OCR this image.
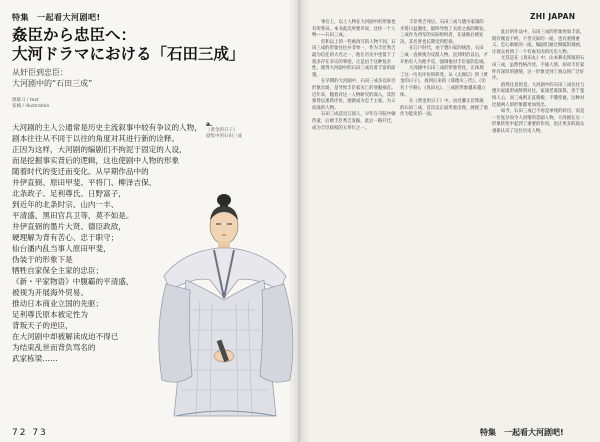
特集 一起看大河剧吧!
姦臣から忠臣へ：
大河ドラマにおける「石田三成」
从奸臣到忠臣：
大河剧中的“石田三成”
源雄马 / text
张楠 / illustration
大河剧的主人公通常是历史主流叙事中较有争议的人物，
剧本往往从不同于以往的角度对其进行新的诠释。
正因为这样，大河剧的编剧们不拘泥于固定的人设，
而是挖掘事实背后的逻辑，这也使剧中人物的形象
随着时代的变迁而变化。从早期作品中的
井伊直弼、原田甲斐、平将门、柳泽吉保、
北条政子、足利尊氏、日野富子，
到近年的北条时宗、山内一丰、
平清盛、黑田官兵卫等，莫不如是。
井伊直弼的墨片大贤、德臣政敌，
硬理解为背有苦心、忠于职守；
仙台潘内乱当事人原田甲斐，
伪装于的形象下是
牺牲自家保全主家的忠臣；
《新・平家物语》中腹霸的平清盛，
被视为开展海外贸易、
推动日本商业立国的先驱；
足利尊氏原本被定性为
背叛天子的逆臣，
在大河剧中却被解读成迫不得已
为结束乱世而背负骂名的
武家栋梁……
a.
《黄金的日子》
剧集中的石田三成
72 73
ZHI JAPAN

事在上，以上人物在大河剧中的形象也有所各异。本书此次所要评说，这样一个人物——石田三成。

但和以上的一些被改写的人物不同，石田三成的形象往往并非单一，作为丰臣秀吉最为信任的大名之一，他在历史中也留下了很多存在争议的事迹，正是由于这种复杂性，使得大河剧中的石田三成有着丰富的面貌。

在早期的大河剧中，石田三成多以奸臣形象出场，是导致丰臣家灭亡的罪魁祸首。近年来，随着对这一人物研究的深入，其形象得以重新评价，逐渐成为忠于主家、为义而战的人物。

石田三成是近江国人，早年在寺院中做侍童，后被丰臣秀吉发掘，此后一路升迁，成为丰臣政权的五奉行之一。

丰臣秀吉死后，石田三成与德川家康的矛盾日益激化，最终导致了关原之战的爆发。三成作为西军的实际组织者，在战败后被处决，其名誉也长期受到贬损。

在江户时代，由于德川家的统治，石田三成一直被视为反派人物。直到明治以后，才开始有人为他平反，强调他对丰臣家的忠诚。

大河剧中石田三成的形象变化，正体现了这一历史评价的转变。从《太阁记》到《黄金的日子》，再到后来的《葵德川三代》、《功名十字路》、《真田丸》，三成的形象越来越立体。

在《黄金的日子》中，由近藤正臣饰演的石田三成，首次以正面形象出现，展现了他作为能吏的一面。

此后的作品中，石田三成的形象更加丰富，既有刚直不阿、不善交际的一面，也有重情重义、忠心耿耿的一面。编剧们通过细腻的刻画，让观众看到了一个有血有肉的历史人物。

尤其是在《真田丸》中，山本耕史饰演的石田三成，虽然性格冷淡、不通人情，却对丰臣家怀有深厚的感情，这一形象受到了观众的广泛好评。

值得注意的是，大河剧中的石田三成往往与德川家康形成鲜明对比。家康老谋深算、善于笼络人心，而三成则正直刻板、不懂变通，这种对比使两人的形象都更加突出。

如今，石田三成已不再是单纯的奸臣，而是一位复杂而令人同情的悲剧人物。大河剧在这一形象转变中起到了重要的作用，也让更多的观众重新认识了这位历史人物。

特集 一起看大河剧吧!
